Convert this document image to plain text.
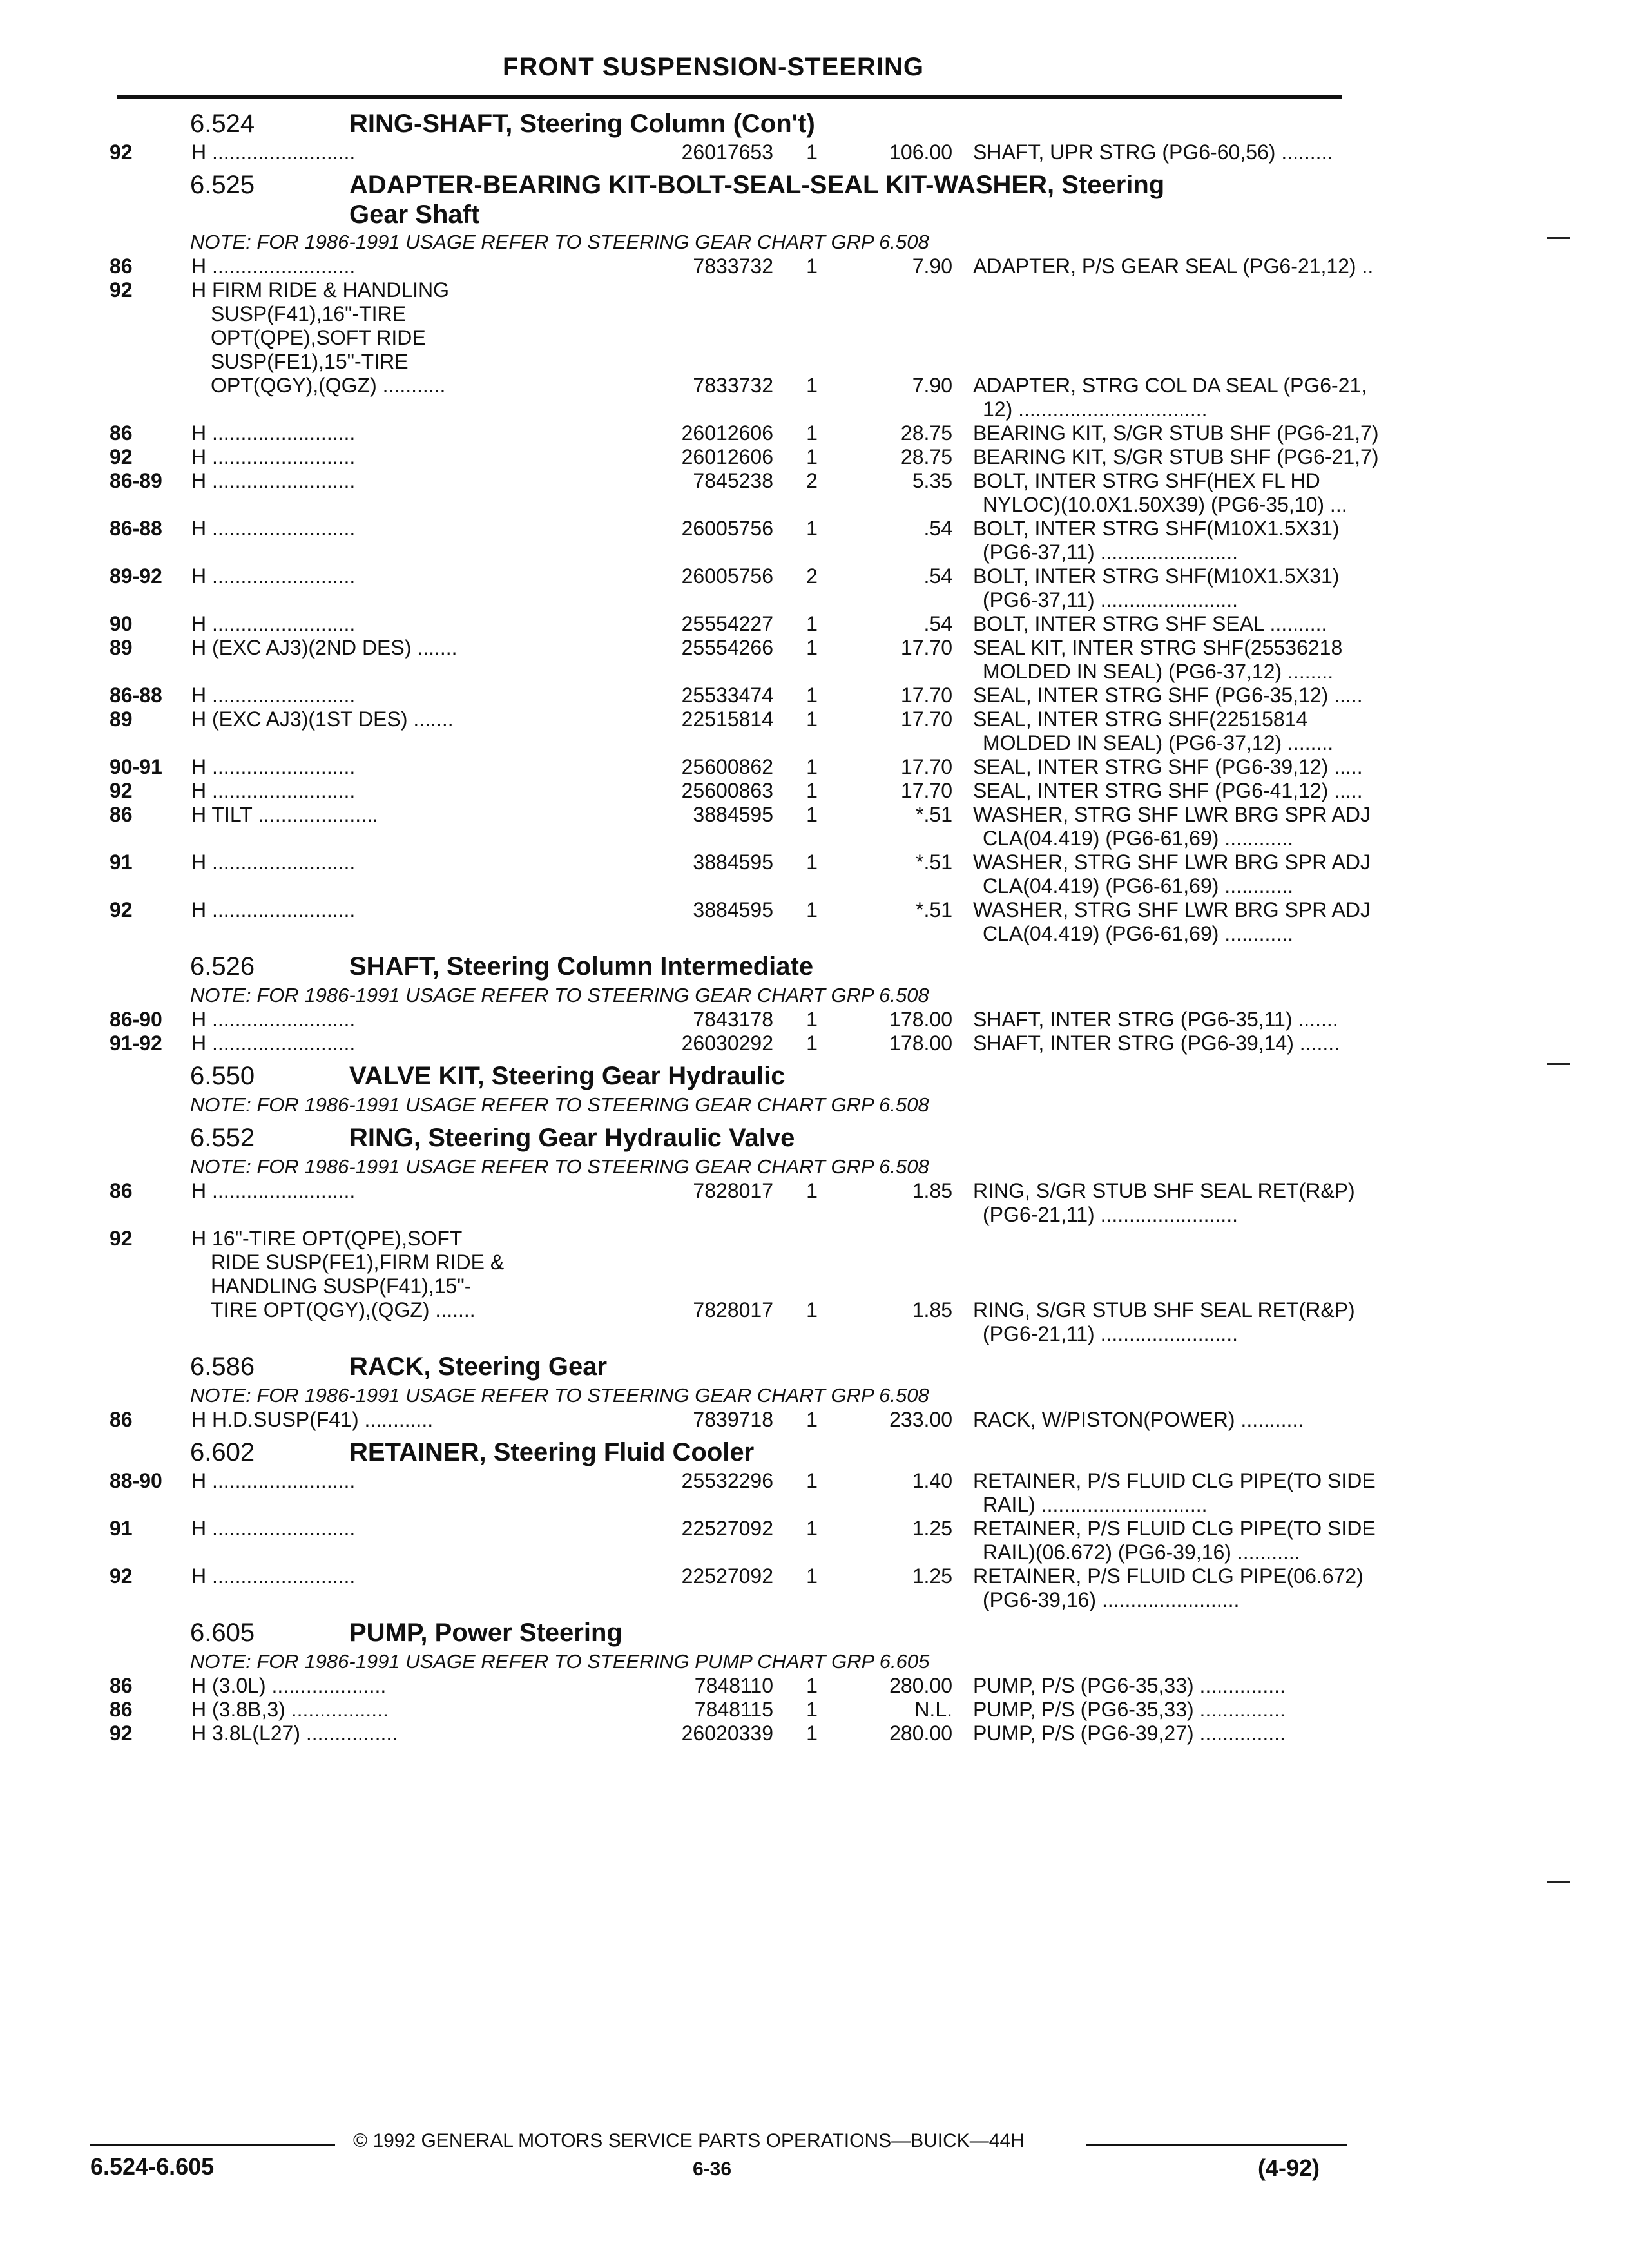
FRONT SUSPENSION-STEERING
6.524	RING-SHAFT, Steering Column (Con't)
92	H .........................	26017653 1	106.00 SHAFT, UPR STRG (PG6-60,56) .........
6.525	ADAPTER-BEARING KIT-BOLT-SEAL-SEAL KIT-WASHER, Steering
Gear Shaft
NOTE: FOR 1986-1991 USAGE REFER TO STEERING GEAR CHART GRP 6.508
86	H .........................	7833732 1	7.90 ADAPTER, P/S GEAR SEAL (PG6-21,12) ..
92	H FIRM RIDE & HANDLING
SUSP(F41),16"-TIRE
OPT(QPE),SOFT RIDE
SUSP(FE1),15"-TIRE
OPT(QGY),(QGZ) ...........	7833732 1	7.90 ADAPTER, STRG COL DA SEAL (PG6-21,
12) .................................
86	H .........................	26012606 1	28.75 BEARING KIT, S/GR STUB SHF (PG6-21,7)
92	H .........................	26012606 1	28.75 BEARING KIT, S/GR STUB SHF (PG6-21,7)
86-89	H .........................	7845238 2	5.35 BOLT, INTER STRG SHF(HEX FL HD
NYLOC)(10.0X1.50X39) (PG6-35,10) ...
86-88	H .........................	26005756 1	.54 BOLT, INTER STRG SHF(M10X1.5X31)
(PG6-37,11) ........................
89-92	H .........................	26005756 2	.54 BOLT, INTER STRG SHF(M10X1.5X31)
(PG6-37,11) ........................
90	H .........................	25554227 1	.54 BOLT, INTER STRG SHF SEAL ..........
89	H (EXC AJ3)(2ND DES) .......	25554266 1	17.70 SEAL KIT, INTER STRG SHF(25536218
MOLDED IN SEAL) (PG6-37,12) ........
86-88	H .........................	25533474 1	17.70 SEAL, INTER STRG SHF (PG6-35,12) .....
89	H (EXC AJ3)(1ST DES) .......	22515814 1	17.70 SEAL, INTER STRG SHF(22515814
MOLDED IN SEAL) (PG6-37,12) ........
90-91	H .........................	25600862 1	17.70 SEAL, INTER STRG SHF (PG6-39,12) .....
92	H .........................	25600863 1	17.70 SEAL, INTER STRG SHF (PG6-41,12) .....
86	H TILT .....................	3884595 1	*.51 WASHER, STRG SHF LWR BRG SPR ADJ
CLA(04.419) (PG6-61,69) ............
91	H .........................	3884595 1	*.51 WASHER, STRG SHF LWR BRG SPR ADJ
CLA(04.419) (PG6-61,69) ............
92	H .........................	3884595 1	*.51 WASHER, STRG SHF LWR BRG SPR ADJ
CLA(04.419) (PG6-61,69) ............
6.526	SHAFT, Steering Column Intermediate
NOTE: FOR 1986-1991 USAGE REFER TO STEERING GEAR CHART GRP 6.508
86-90	H .........................	7843178 1	178.00 SHAFT, INTER STRG (PG6-35,11) .......
91-92	H .........................	26030292 1	178.00 SHAFT, INTER STRG (PG6-39,14) .......
6.550	VALVE KIT, Steering Gear Hydraulic
NOTE: FOR 1986-1991 USAGE REFER TO STEERING GEAR CHART GRP 6.508
6.552	RING, Steering Gear Hydraulic Valve
NOTE: FOR 1986-1991 USAGE REFER TO STEERING GEAR CHART GRP 6.508
86	H .........................	7828017 1	1.85 RING, S/GR STUB SHF SEAL RET(R&P)
(PG6-21,11) ........................
92	H 16"-TIRE OPT(QPE),SOFT
RIDE SUSP(FE1),FIRM RIDE &
HANDLING SUSP(F41),15"-
TIRE OPT(QGY),(QGZ) .......	7828017 1	1.85 RING, S/GR STUB SHF SEAL RET(R&P)
(PG6-21,11) ........................
6.586	RACK, Steering Gear
NOTE: FOR 1986-1991 USAGE REFER TO STEERING GEAR CHART GRP 6.508
86	H H.D.SUSP(F41) ............	7839718 1	233.00 RACK, W/PISTON(POWER) ...........
6.602	RETAINER, Steering Fluid Cooler
88-90	H .........................	25532296 1	1.40 RETAINER, P/S FLUID CLG PIPE(TO SIDE
RAIL) .............................
91	H .........................	22527092 1	1.25 RETAINER, P/S FLUID CLG PIPE(TO SIDE
RAIL)(06.672) (PG6-39,16) ...........
92	H .........................	22527092 1	1.25 RETAINER, P/S FLUID CLG PIPE(06.672)
(PG6-39,16) ........................
6.605	PUMP, Power Steering
NOTE: FOR 1986-1991 USAGE REFER TO STEERING PUMP CHART GRP 6.605
86	H (3.0L) ....................	7848110 1	280.00 PUMP, P/S (PG6-35,33) ...............
86	H (3.8B,3) .................	7848115 1	N.L. PUMP, P/S (PG6-35,33) ...............
92	H 3.8L(L27) ................	26020339 1	280.00 PUMP, P/S (PG6-39,27) ...............
© 1992 GENERAL MOTORS SERVICE PARTS OPERATIONS—BUICK—44H
6.524-6.605	6-36	(4-92)
